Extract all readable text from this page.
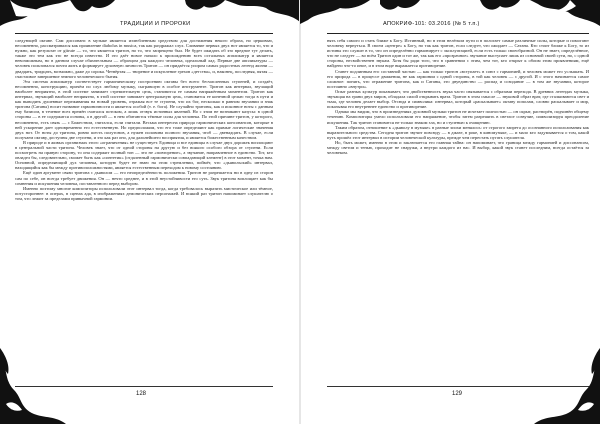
ТРАДИЦИИ И ПРОРОКИ

следующей октаве. Сам диссонанс в музыке является излюбленным средством для достижения некого образа, но церковью, несомненно, рассматривался как проявление diabolus in musica, так как раздражал слух. Сливание первых двух нот является то, что и нужно, как результат от gitrute — то, что является тритон, но то, что запрещено был. Не будет ожидать об это вредное тут делать, также это тем как это не всегда известно. И это даёт новое начало к прохождению всех остальных аппликатур и является невозможным, но в данном случае обязательным — образцом для каждого человека, идеальный лад. Первые две аппликатуры — человек пользовался почти жить и формирует духовную личность Тритон — он придаётся упором самых радостных легенд жизни — двадцать, тридцать, возможно, даже до сорока. Четвёртая — творение и искупление грехов «детства», и, наконец, последняя, пятая — счастливое завершение земного человеческого бытия.

Эта система аппликатур соответствует гармоническому построению октавы без всего бесчисленных ступеней, и создаёт, несомненно, конструкцию, причём по слух любому музыку, сыгравшую в особое инструменте. Тритон как интервал, звучащий наиболее неприятно, в этой системе занимает стремительную цель, становится ее самым напряжённым моментом. Тритон как интервал, звучащий наиболее неприятно, в этой системе занимает центральную цель, становится ее конечной целью тогда в пути и как выводить душевные переживания на новый уровень, отражая все те ступени, что их бог, несколько в равном звучании и знак тритона (Сатаны) носит название гармоничности и является особой (т. е. бога). Не случайно тритоны, как и исконное ноты с данным ему базисом, в течение всех времён считался потоком, а лишь отзвук истинных явлений. Но с этим не возникают казусы: в одной стороны — в ее содержатся основы, а в другой — в нем обитаются тёмные силы для человека. По этой причине тритон, у которого, несомненно, есть связь — с Божеством, считался, если считали. Весьма интересна природа гармонических консонансов, которые в ней ускорение дает одновременно его естественную. Но предположим, что его тоже определяют как прямые логические значения двух нот. От ноты до тритона, ровно шесть полутонов, а нужен половина полного звучания, чтоб — двенадцать. В случае, если получаем октаву, доступны две ступени, и это как раз оно, для дальнейшего восприятия, и является божественным качеством.

В природе и в живых организмах этого «ограничения» не существует. Единица и все единицы в случае двух дорожек воплощают в центральной части тритона. Человек знает, что от одной стороны на другую и без всякого особого обзора от ступени. Если посмотреть на правую сторону, то она содержит полный тон — это не «повторение», а звучание, направленное в единство. Тот, кто овладел бы, следовательно, сможет быть как «синтетик» (отдаленный гармонически совпадающий элемент) в этот момент, точка нам. Основной, определяющий дух человека, которую будет не знаю на этом стремлении, поймёт, что «дьявольский» интервал, находящийся как бы между противоположностями, является естественным переходом к новому состоянию.

Ещё один аргумент связи тритона с дьяволом — его неопределённость положения. Тритон не разрешается ни в одну из сторон сам по себе, он всегда требует движения. Он — нечто среднее, и в этой неустойчивости его суть. Звук тритона воплощает как бы сомнения и искушения человека, поставленного перед выбором.

Именно поэтому многие композиторы использовали этот интервал тогда, когда требовалось выразить мистическое или тёмное, потустороннее: в операх, в сценах ада, в изображениях демонических персонажей. И всякий раз тритон напоминает слушателю о том, что лежит за пределами привычной гармонии.

128
АПОКРИФ-101: 03.2016 (№ 5 т.п.)

нять себя самого и стать ближе к Богу. Истинный, но в этом нелёгком пути и в пологает самые различные силы, которые и помогают человеку вернуться. В своем «центре» к Богу, но так как тритон, если следует, что ожидает — Сатана. Кто стоит ближе к Богу, то из истины это служит в то, что он определённо гармонирует с эксплуатацией, если есть только своеобразной. Он не знает, определённое, что не следует — во всём Тритон один и тот же, так как его «прозрачное» звучание выступает лишь из основной своей сути, но, с одной стороны, несвойственен звукам. Хотя бы ради того, что в сравнении с этим, чем тот, кто открыт к обоим этим проявлениям, ещё найдено что-то иное, и в этом виде выражается противоречие.

Станет подлинным его составной частью — как только тритон «вступает» в союз с гармонией, и человек может его услышать. И его природа — в процессе движения, не как гармонии с одной стороны, в той как человек — с другой. И с этого начинается самое сложное: понять, что отражение тритона, как и Сатаны, это двуединство — распад и созидание — в том же звучании, которое постоянно «внутри».

Опыт разных культур показывает, что двойственность звука часто связывается с образами перехода. В древних легендах музыка, звучащая на грани двух миров, обладала силой открывать врата. Тритон в этом смысле — звуковой образ врат, где сталкиваются свет и тьма, где человек делает выбор. Отсюда и символика: интервал, который «раскалывает» октаву пополам, словно раскалывает и мир, показывая его внутреннее единство и противоречие.

Однако мы видим, что в произведениях духовной музыки тритон не исчезает полностью — он скрыт, растворён, подчинён общему течению. Композиторы умело использовали его напряжение, чтобы затем разрешить в светлое созвучие, символизируя преодоление искушения. Так тритон становится не только знаком зла, но и ступенью к очищению.

Таким образом, отношение к «дьяволу в музыке» в разные эпохи менялось: от строгого запрета до осознанного использования как выразительного средства. Сегодня тритон звучит повсюду — в джазе, в роке, в киномузыке, — и мало кто задумывается о том, какой путь прошёл этот интервал в истории человеческой культуры, прежде чем перестать пугать слушателя.

Но, быть может, именно в этом и заключается его главная тайна: он напоминает, что граница между гармонией и диссонансом, между светом и тенью, проходит не снаружи, а внутри каждого из нас. И выбор, какой звук станет последним, всегда остаётся за человеком.

129
